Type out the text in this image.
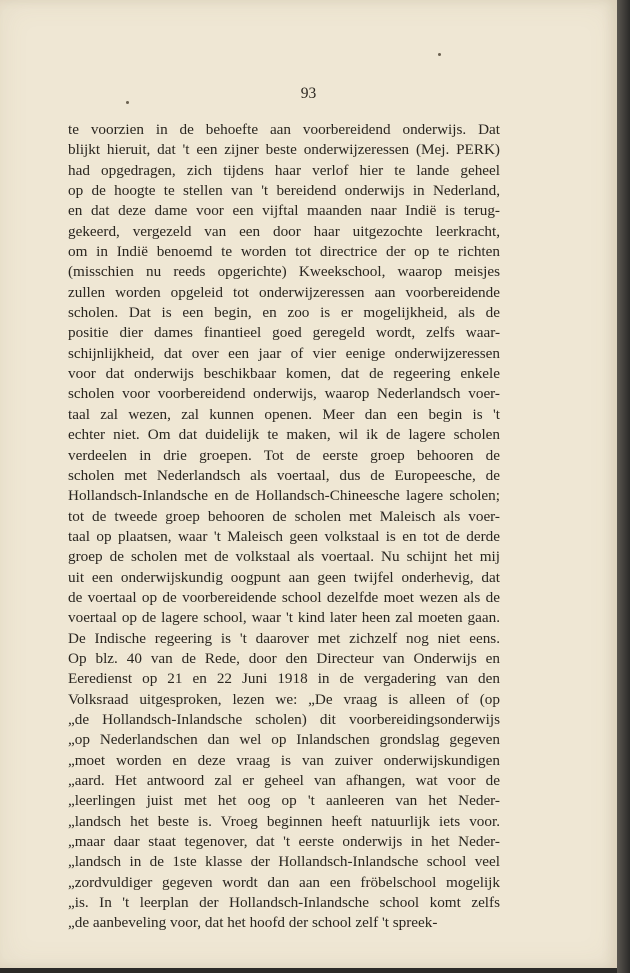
93
te voorzien in de behoefte aan voorbereidend onderwijs. Dat
blijkt hieruit, dat 't een zijner beste onderwijzeressen (Mej. PERK)
had opgedragen, zich tijdens haar verlof hier te lande geheel
op de hoogte te stellen van 't bereidend onderwijs in Nederland,
en dat deze dame voor een vijftal maanden naar Indië is terug-
gekeerd, vergezeld van een door haar uitgezochte leerkracht,
om in Indië benoemd te worden tot directrice der op te richten
(misschien nu reeds opgerichte) Kweekschool, waarop meisjes
zullen worden opgeleid tot onderwijzeressen aan voorbereidende
scholen. Dat is een begin, en zoo is er mogelijkheid, als de
positie dier dames finantieel goed geregeld wordt, zelfs waar-
schijnlijkheid, dat over een jaar of vier eenige onderwijzeressen
voor dat onderwijs beschikbaar komen, dat de regeering enkele
scholen voor voorbereidend onderwijs, waarop Nederlandsch voer-
taal zal wezen, zal kunnen openen. Meer dan een begin is 't
echter niet. Om dat duidelijk te maken, wil ik de lagere scholen
verdeelen in drie groepen. Tot de eerste groep behooren de
scholen met Nederlandsch als voertaal, dus de Europeesche, de
Hollandsch-Inlandsche en de Hollandsch-Chineesche lagere scholen;
tot de tweede groep behooren de scholen met Maleisch als voer-
taal op plaatsen, waar 't Maleisch geen volkstaal is en tot de derde
groep de scholen met de volkstaal als voertaal. Nu schijnt het mij
uit een onderwijskundig oogpunt aan geen twijfel onderhevig, dat
de voertaal op de voorbereidende school dezelfde moet wezen als de
voertaal op de lagere school, waar 't kind later heen zal moeten gaan.
De Indische regeering is 't daarover met zichzelf nog niet eens.
Op blz. 40 van de Rede, door den Directeur van Onderwijs en
Eeredienst op 21 en 22 Juni 1918 in de vergadering van den
Volksraad uitgesproken, lezen we: „De vraag is alleen of (op
„de Hollandsch-Inlandsche scholen) dit voorbereidingsonderwijs
„op Nederlandschen dan wel op Inlandschen grondslag gegeven
„moet worden en deze vraag is van zuiver onderwijskundigen
„aard. Het antwoord zal er geheel van afhangen, wat voor de
„leerlingen juist met het oog op 't aanleeren van het Neder-
„landsch het beste is. Vroeg beginnen heeft natuurlijk iets voor.
„maar daar staat tegenover, dat 't eerste onderwijs in het Neder-
„landsch in de 1ste klasse der Hollandsch-Inlandsche school veel
„zordvuldiger gegeven wordt dan aan een fröbelschool mogelijk
„is. In 't leerplan der Hollandsch-Inlandsche school komt zelfs
„de aanbeveling voor, dat het hoofd der school zelf 't spreek-
